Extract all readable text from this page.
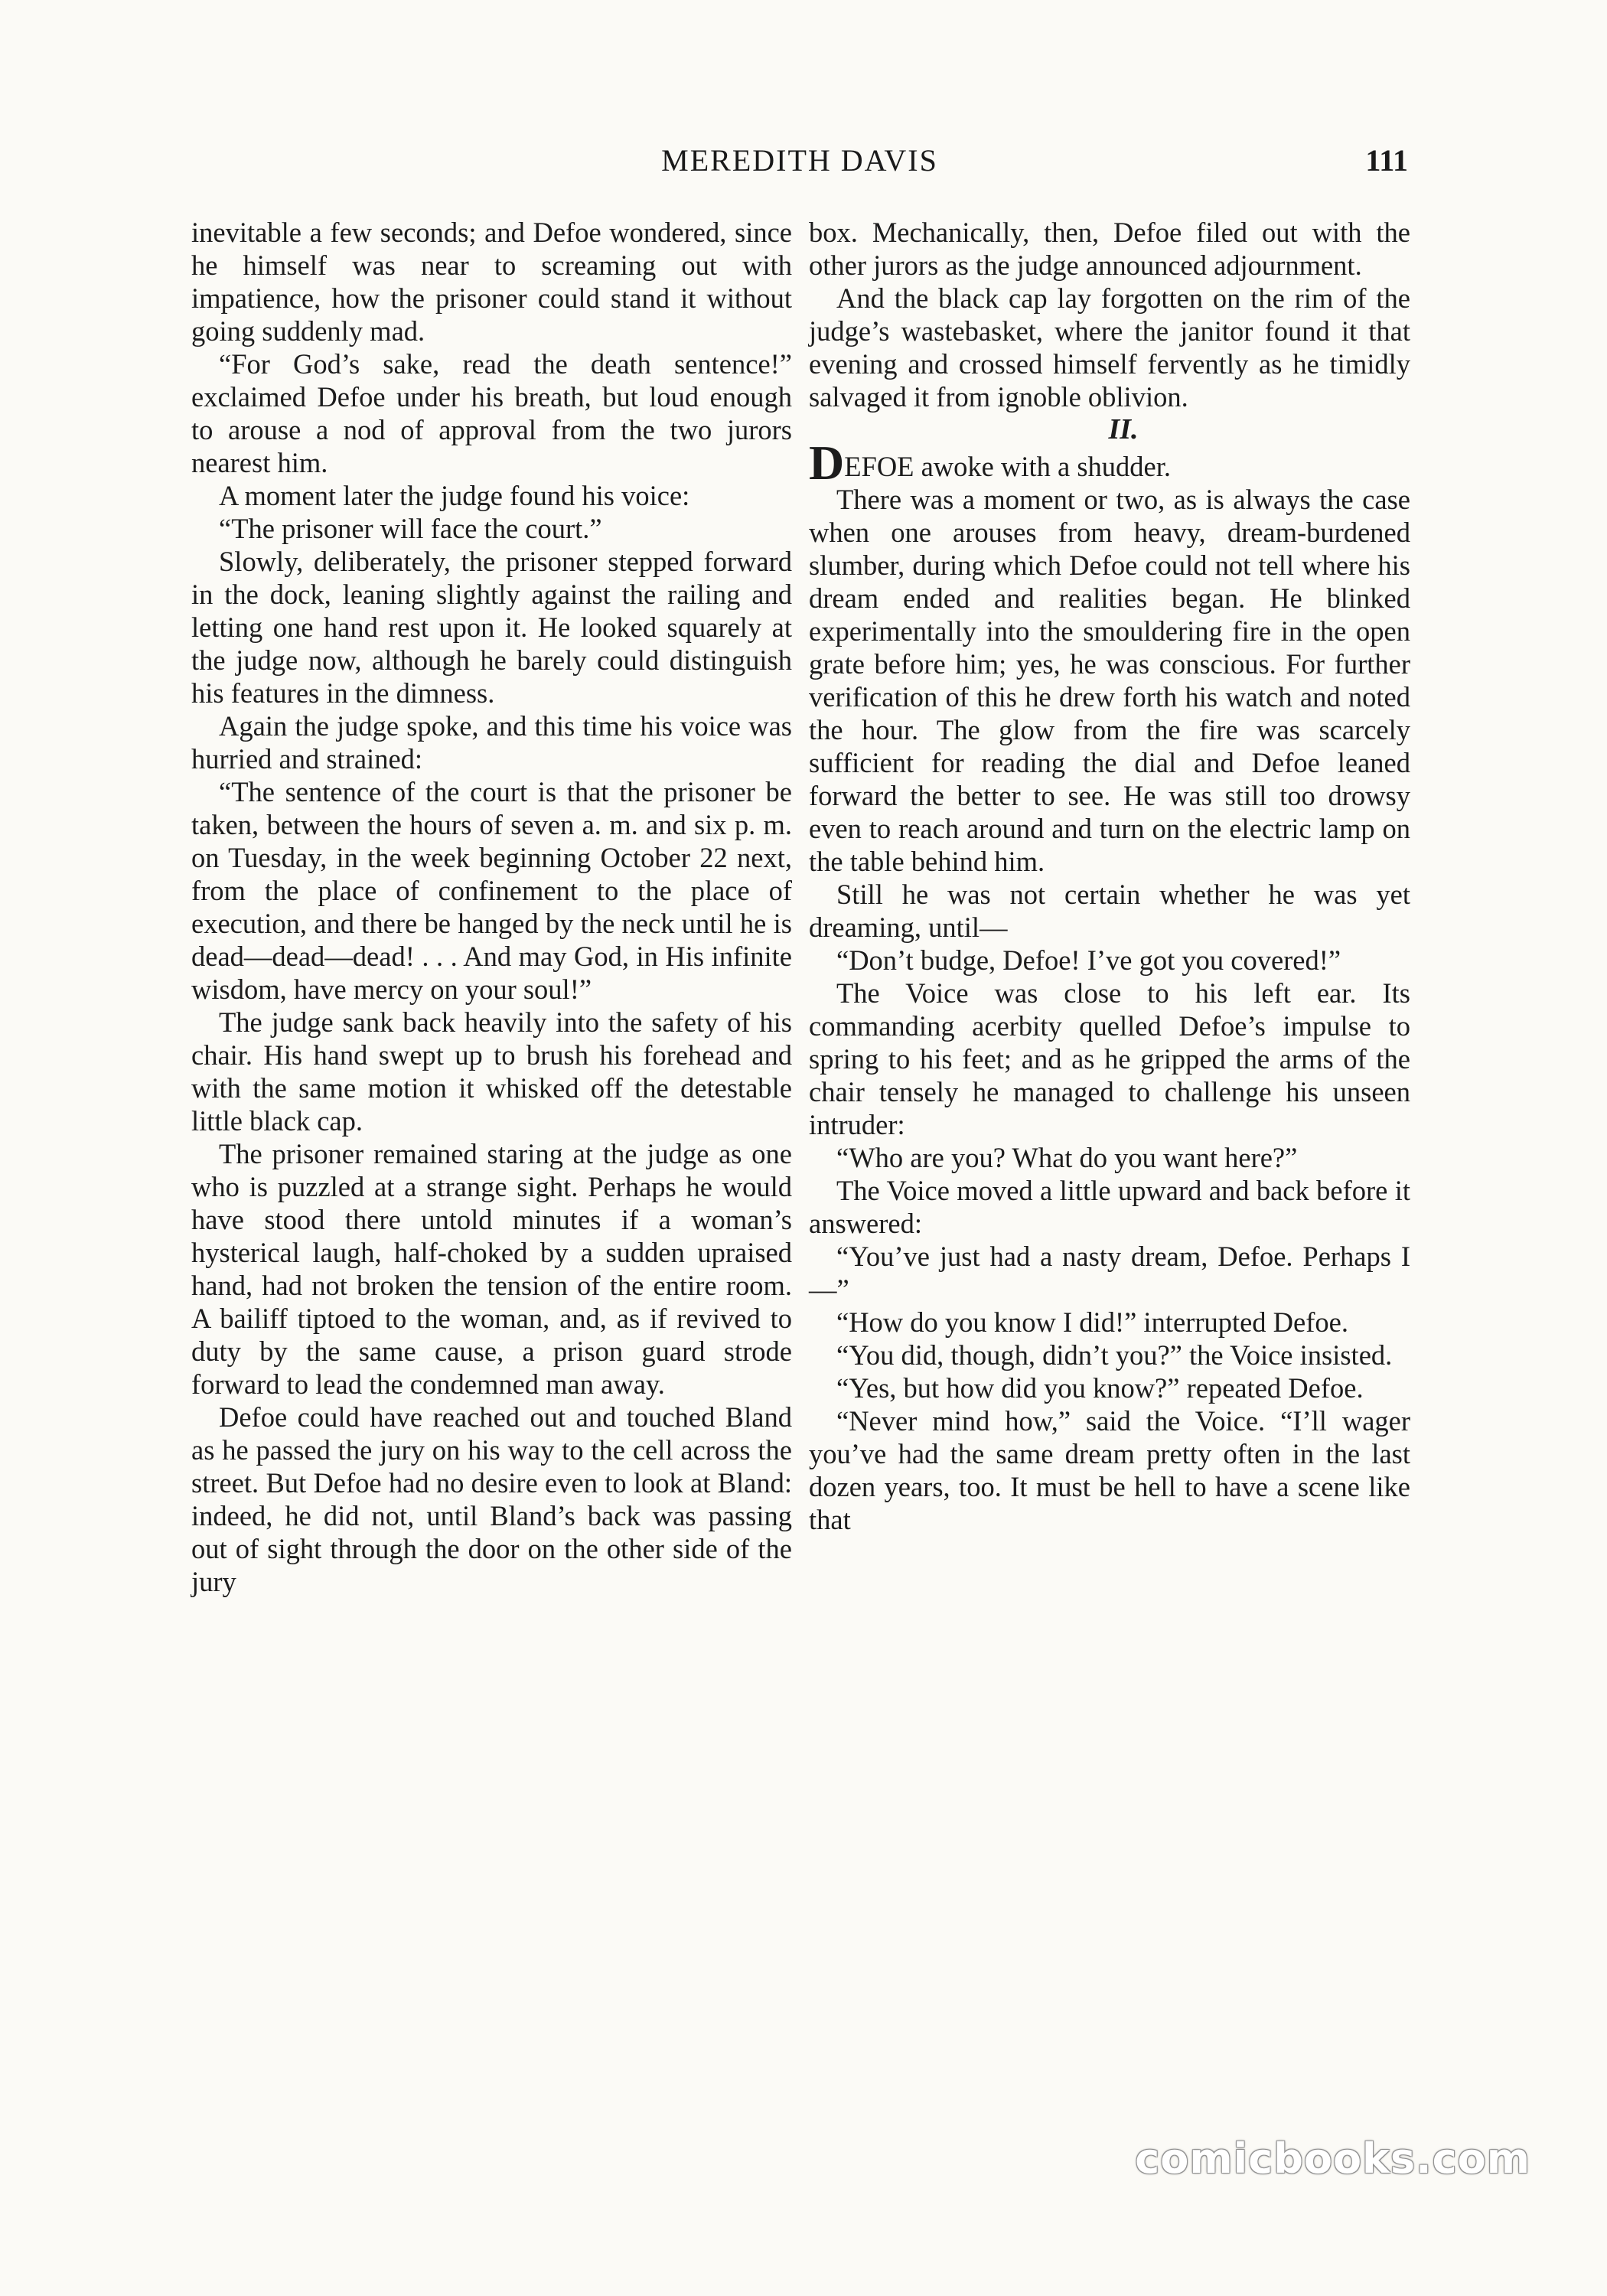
MEREDITH DAVIS	111

inevitable a few seconds; and Defoe wondered, since he himself was near to screaming out with impatience, how the prisoner could stand it without going suddenly mad.

“For God’s sake, read the death sentence!” exclaimed Defoe under his breath, but loud enough to arouse a nod of approval from the two jurors nearest him.

A moment later the judge found his voice:

“The prisoner will face the court.”

Slowly, deliberately, the prisoner stepped forward in the dock, leaning slightly against the railing and letting one hand rest upon it. He looked squarely at the judge now, although he barely could distinguish his features in the dimness.

Again the judge spoke, and this time his voice was hurried and strained:

“The sentence of the court is that the prisoner be taken, between the hours of seven a. m. and six p. m. on Tuesday, in the week beginning October 22 next, from the place of confinement to the place of execution, and there be hanged by the neck until he is dead—dead—dead! . . . And may God, in His infinite wisdom, have mercy on your soul!”

The judge sank back heavily into the safety of his chair. His hand swept up to brush his forehead and with the same motion it whisked off the detestable little black cap.

The prisoner remained staring at the judge as one who is puzzled at a strange sight. Perhaps he would have stood there untold minutes if a woman’s hysterical laugh, half-choked by a sudden upraised hand, had not broken the tension of the entire room. A bailiff tiptoed to the woman, and, as if revived to duty by the same cause, a prison guard strode forward to lead the condemned man away.

Defoe could have reached out and touched Bland as he passed the jury on his way to the cell across the street. But Defoe had no desire even to look at Bland: indeed, he did not, until Bland’s back was passing out of sight through the door on the other side of the jury

box. Mechanically, then, Defoe filed out with the other jurors as the judge announced adjournment.

And the black cap lay forgotten on the rim of the judge’s wastebasket, where the janitor found it that evening and crossed himself fervently as he timidly salvaged it from ignoble oblivion.

II.

DEFOE awoke with a shudder.

There was a moment or two, as is always the case when one arouses from heavy, dream-burdened slumber, during which Defoe could not tell where his dream ended and realities began. He blinked experimentally into the smouldering fire in the open grate before him; yes, he was conscious. For further verification of this he drew forth his watch and noted the hour. The glow from the fire was scarcely sufficient for reading the dial and Defoe leaned forward the better to see. He was still too drowsy even to reach around and turn on the electric lamp on the table behind him.

Still he was not certain whether he was yet dreaming, until—

“Don’t budge, Defoe! I’ve got you covered!”

The Voice was close to his left ear. Its commanding acerbity quelled Defoe’s impulse to spring to his feet; and as he gripped the arms of the chair tensely he managed to challenge his unseen intruder:

“Who are you? What do you want here?”

The Voice moved a little upward and back before it answered:

“You’ve just had a nasty dream, Defoe. Perhaps I—”

“How do you know I did!” interrupted Defoe.

“You did, though, didn’t you?” the Voice insisted.

“Yes, but how did you know?” repeated Defoe.

“Never mind how,” said the Voice. “I’ll wager you’ve had the same dream pretty often in the last dozen years, too. It must be hell to have a scene like that

comicbooks.com
